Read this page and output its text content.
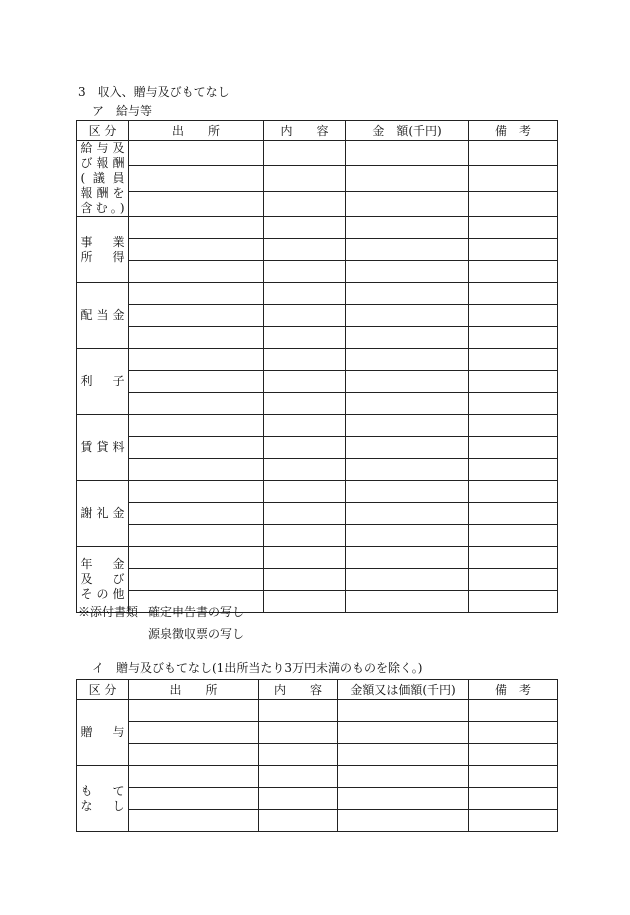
3　収入、贈与及びもてなし
ア　給与等
区 分	出　　所	内　　容	金　額(千円)	備　考

給与及
び報酬
(議員
報酬を
含む。)				

事　業
所　得				

配当金				

利　子				

賃貸料				

謝礼金				

年　金
及　び
その他				

※添付書類 確定申告書の写し
源泉徴収票の写し
イ　贈与及びもてなし(1出所当たり3万円未満のものを除く。)
区 分	出　　所	内　　容	金額又は価額(千円)	備　考

贈　与				

も　て
な　し				
